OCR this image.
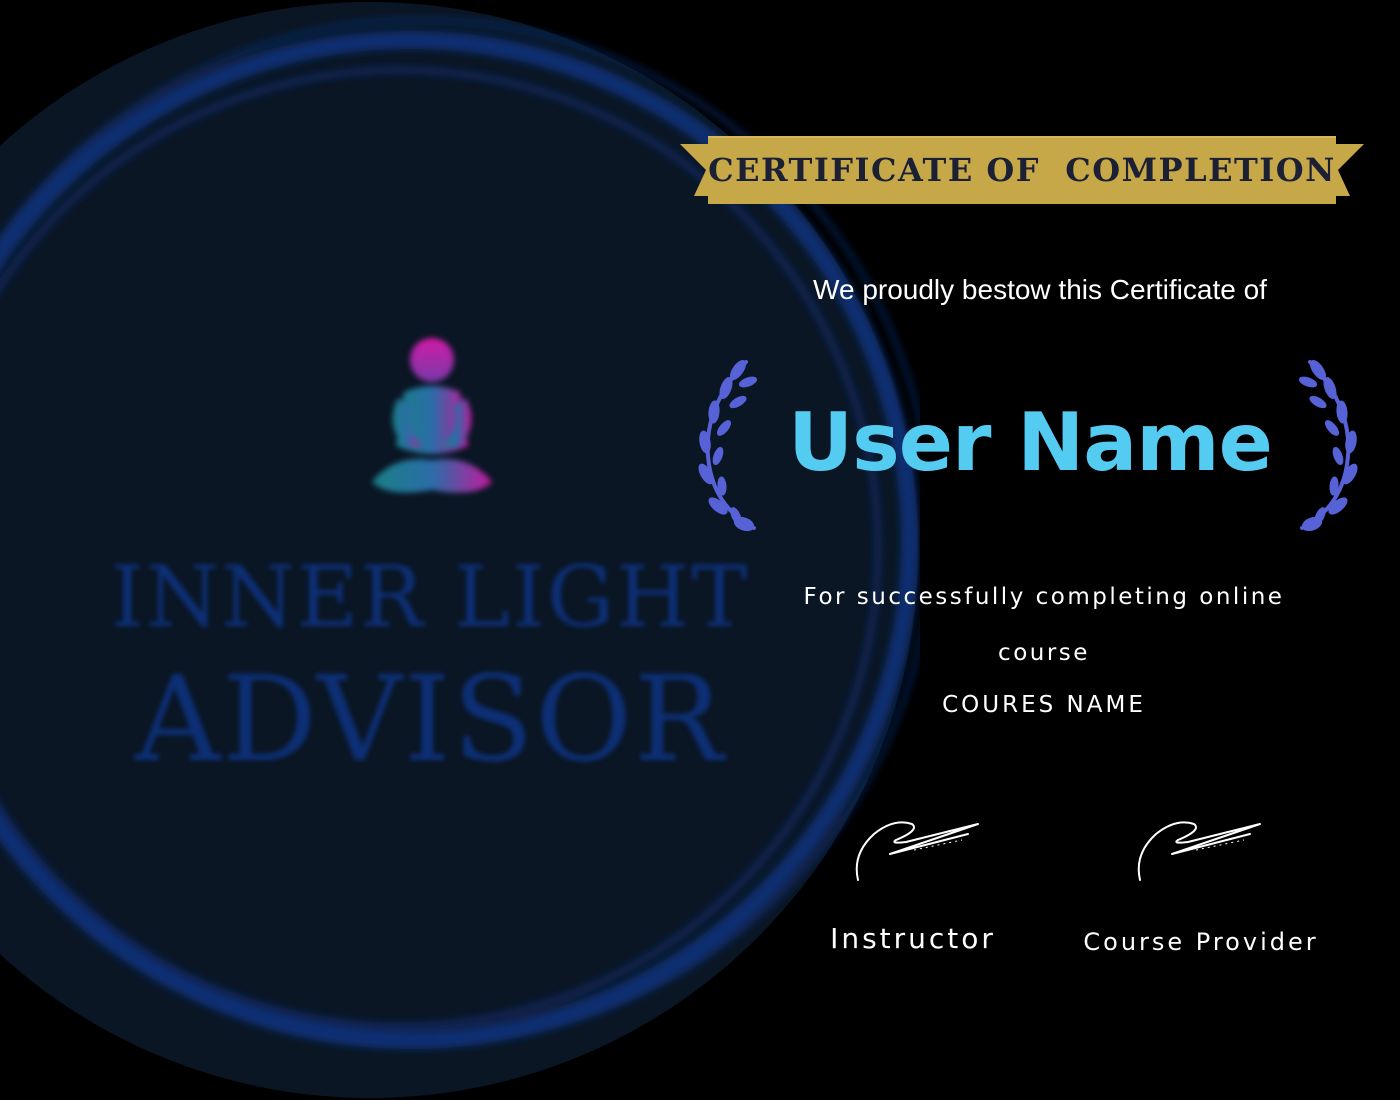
INNER LIGHT
ADVISOR
CERTIFICATE OF  COMPLETION
We proudly bestow this Certificate of
User Name
For successfully completing online
course
COURES NAME
Instructor	Course Provider
